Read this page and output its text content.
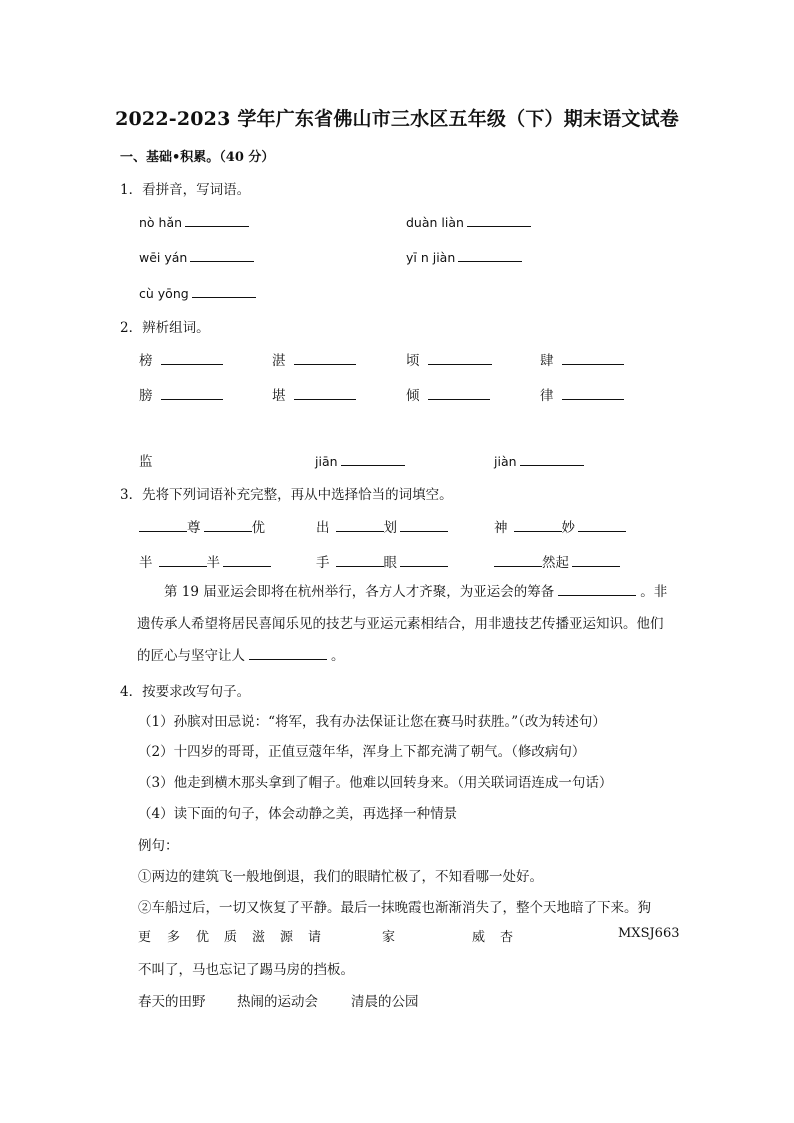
2022-2023 学年广东省佛山市三水区五年级（下）期末语文试卷
一、基础•积累。（40 分）
1．看拼音，写词语。
nò hǎn	duàn liàn
wēi yán	yī n jiàn
cù yōng
2．辨析组词。
榜	湛	顷	肆
膀	堪	倾	律
监	jiān	jiàn
3．先将下列词语补充完整，再从中选择恰当的词填空。
尊	优	出	划	神	妙
半	半	手	眼	然起
第 19 届亚运会即将在杭州举行，各方人才齐聚，为亚运会的筹备	。非遗传承人希望将居民喜闻乐见的技艺与亚运元素相结合，用非遗技艺传播亚运知识。他们的匠心与坚守让人	。
4．按要求改写句子。
（1）孙膑对田忌说：“将军，我有办法保证让您在赛马时获胜。”（改为转述句）
（2）十四岁的哥哥，正值豆蔻年华，浑身上下都充满了朝气。（修改病句）
（3）他走到横木那头拿到了帽子。他难以回转身来。（用关联词语连成一句话）
（4）读下面的句子，体会动静之美，再选择一种情景
例句：
①两边的建筑飞一般地倒退，我们的眼睛忙极了，不知看哪一处好。
②车船过后，一切又恢复了平静。最后一抹晚霞也渐渐消失了，整个天地暗了下来。狗
更 多 优 质 滋 源 请	家	威 杏	MXSJ663
不叫了，马也忘记了踢马房的挡板。
春天的田野 热闹的运动会 清晨的公园
